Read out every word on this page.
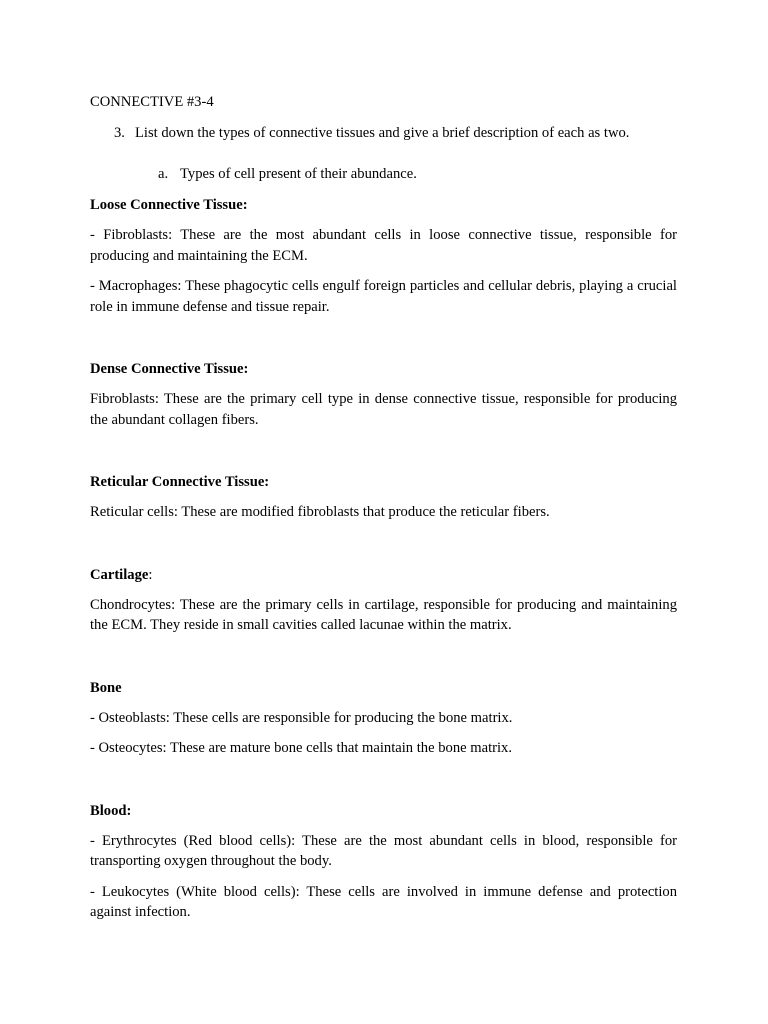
CONNECTIVE #3-4

3. List down the types of connective tissues and give a brief description of each as two.
a. Types of cell present of their abundance.

Loose Connective Tissue:

- Fibroblasts: These are the most abundant cells in loose connective tissue, responsible for producing and maintaining the ECM.

- Macrophages: These phagocytic cells engulf foreign particles and cellular debris, playing a crucial role in immune defense and tissue repair.

Dense Connective Tissue:

Fibroblasts: These are the primary cell type in dense connective tissue, responsible for producing the abundant collagen fibers.

Reticular Connective Tissue:

Reticular cells: These are modified fibroblasts that produce the reticular fibers.

Cartilage:

Chondrocytes: These are the primary cells in cartilage, responsible for producing and maintaining the ECM. They reside in small cavities called lacunae within the matrix.

Bone

- Osteoblasts: These cells are responsible for producing the bone matrix.

- Osteocytes: These are mature bone cells that maintain the bone matrix.

Blood:

- Erythrocytes (Red blood cells): These are the most abundant cells in blood, responsible for transporting oxygen throughout the body.

- Leukocytes (White blood cells): These cells are involved in immune defense and protection against infection.
